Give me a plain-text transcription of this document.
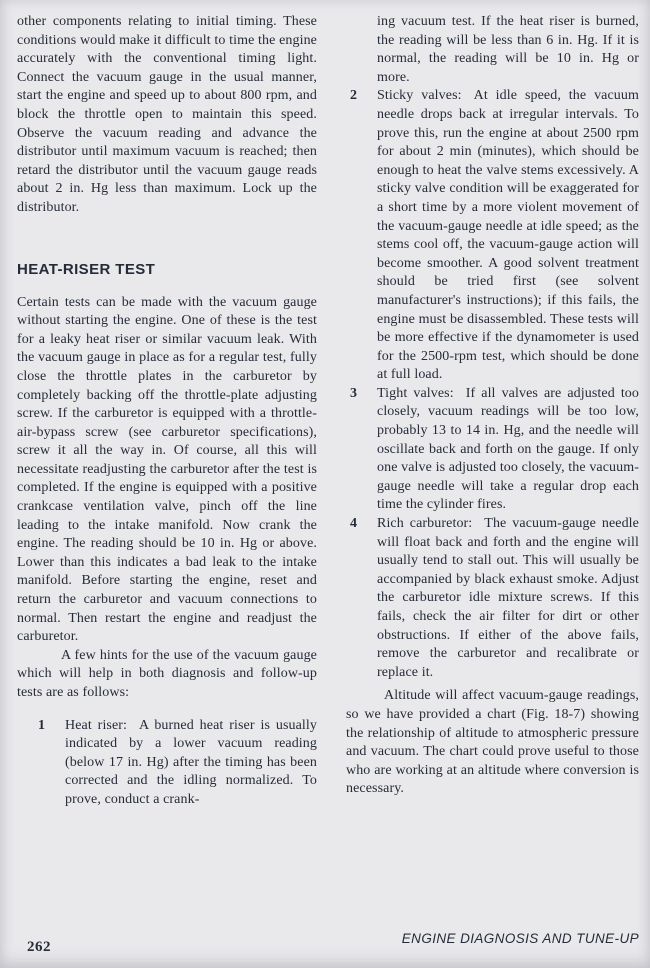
other components relating to initial timing. These conditions would make it difficult to time the engine accurately with the conventional timing light. Connect the vacuum gauge in the usual manner, start the engine and speed up to about 800 rpm, and block the throttle open to maintain this speed. Observe the vacuum reading and advance the distributor until maximum vacuum is reached; then retard the distributor until the vacuum gauge reads about 2 in. Hg less than maximum. Lock up the distributor.

HEAT-RISER TEST

Certain tests can be made with the vacuum gauge without starting the engine. One of these is the test for a leaky heat riser or similar vacuum leak. With the vacuum gauge in place as for a regular test, fully close the throttle plates in the carburetor by completely backing off the throttle-plate adjusting screw. If the carburetor is equipped with a throttle-air-bypass screw (see carburetor specifications), screw it all the way in. Of course, all this will necessitate readjusting the carburetor after the test is completed. If the engine is equipped with a positive crankcase ventilation valve, pinch off the line leading to the intake manifold. Now crank the engine. The reading should be 10 in. Hg or above. Lower than this indicates a bad leak to the intake manifold. Before starting the engine, reset and return the carburetor and vacuum connections to normal. Then restart the engine and readjust the carburetor.

A few hints for the use of the vacuum gauge which will help in both diagnosis and follow-up tests are as follows:

1	Heat riser: A burned heat riser is usually indicated by a lower vacuum reading (below 17 in. Hg) after the timing has been corrected and the idling normalized. To prove, conduct a crank-

ing vacuum test. If the heat riser is burned, the reading will be less than 6 in. Hg. If it is normal, the reading will be 10 in. Hg or more.

2	Sticky valves: At idle speed, the vacuum needle drops back at irregular intervals. To prove this, run the engine at about 2500 rpm for about 2 min (minutes), which should be enough to heat the valve stems excessively. A sticky valve condition will be exaggerated for a short time by a more violent movement of the vacuum-gauge needle at idle speed; as the stems cool off, the vacuum-gauge action will become smoother. A good solvent treatment should be tried first (see solvent manufacturer's instructions); if this fails, the engine must be disassembled. These tests will be more effective if the dynamometer is used for the 2500-rpm test, which should be done at full load.

3	Tight valves: If all valves are adjusted too closely, vacuum readings will be too low, probably 13 to 14 in. Hg, and the needle will oscillate back and forth on the gauge. If only one valve is adjusted too closely, the vacuum-gauge needle will take a regular drop each time the cylinder fires.

4	Rich carburetor: The vacuum-gauge needle will float back and forth and the engine will usually tend to stall out. This will usually be accompanied by black exhaust smoke. Adjust the carburetor idle mixture screws. If this fails, check the air filter for dirt or other obstructions. If either of the above fails, remove the carburetor and recalibrate or replace it.

Altitude will affect vacuum-gauge readings, so we have provided a chart (Fig. 18-7) showing the relationship of altitude to atmospheric pressure and vacuum. The chart could prove useful to those who are working at an altitude where conversion is necessary.

262
ENGINE DIAGNOSIS AND TUNE-UP
